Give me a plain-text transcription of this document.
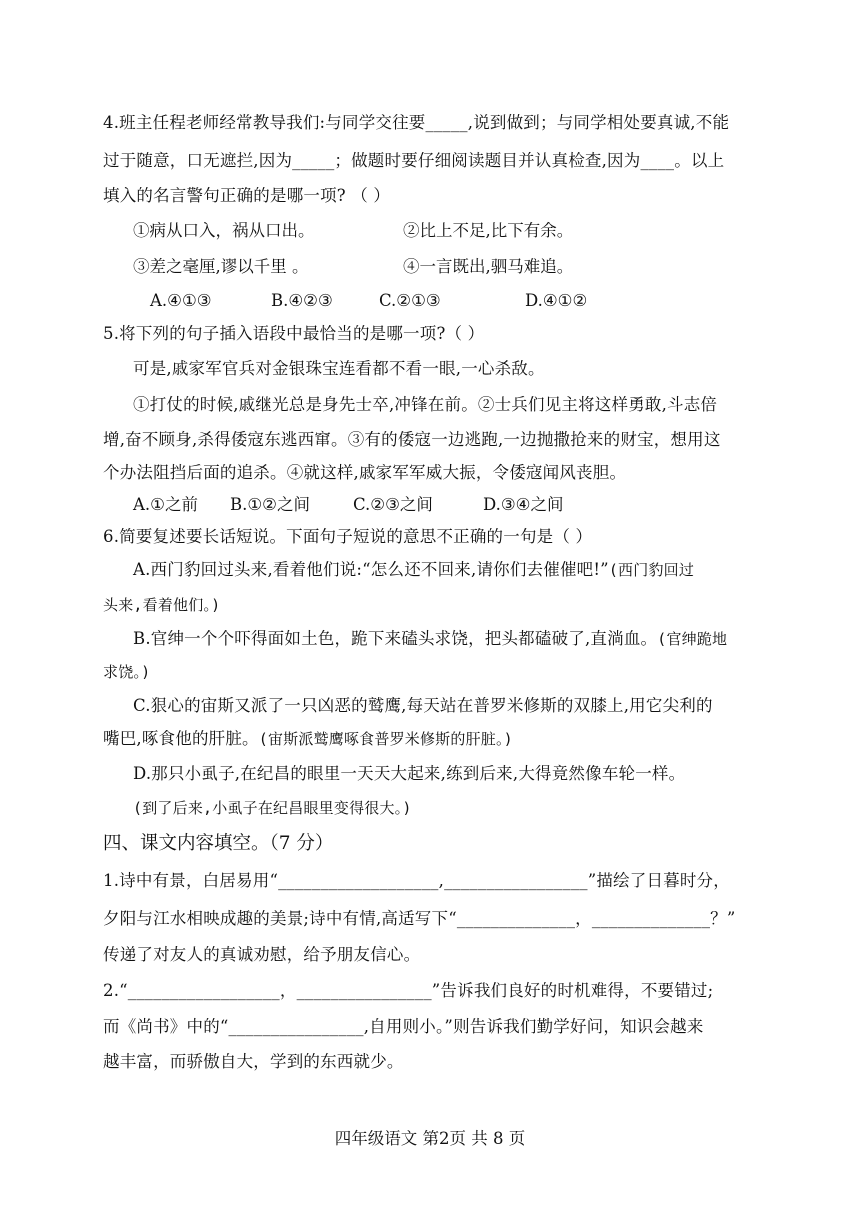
4.班主任程老师经常教导我们:与同学交往要_____,说到做到；与同学相处要真诚,不能
过于随意，口无遮拦,因为_____；做题时要仔细阅读题目并认真检查,因为____。以上
填入的名言警句正确的是哪一项? （ ）
①病从口入，祸从口出。	②比上不足,比下有余。
③差之毫厘,谬以千里 。	④一言既出,驷马难追。
A.④①③	B.④②③	C.②①③	D.④①②
5.将下列的句子插入语段中最恰当的是哪一项?（ ）
可是,戚家军官兵对金银珠宝连看都不看一眼,一心杀敌。
①打仗的时候,戚继光总是身先士卒,冲锋在前。②士兵们见主将这样勇敢,斗志倍
增,奋不顾身,杀得倭寇东逃西窜。③有的倭寇一边逃跑,一边抛撒抢来的财宝，想用这
个办法阻挡后面的追杀。④就这样,戚家军军威大振，令倭寇闻风丧胆。
A.①之前 B.①②之间	C.②③之间	D.③④之间
6.简要复述要长话短说。下面句子短说的意思不正确的一句是（ ）
A.西门豹回过头来,看着他们说:“怎么还不回来,请你们去催催吧!”(西门豹回过
头来,看着他们。)
B.官绅一个个吓得面如土色，跪下来磕头求饶，把头都磕破了,直淌血。(官绅跪地
求饶。)
C.狠心的宙斯又派了一只凶恶的鹫鹰,每天站在普罗米修斯的双膝上,用它尖利的
嘴巴,啄食他的肝脏。(宙斯派鹫鹰啄食普罗米修斯的肝脏。)
D.那只小虱子,在纪昌的眼里一天天大起来,练到后来,大得竟然像车轮一样。
(到了后来,小虱子在纪昌眼里变得很大。)
四、课文内容填空。（7 分）
1.诗中有景，白居易用“___________________,_________________”描绘了日暮时分，
夕阳与江水相映成趣的美景;诗中有情,高适写下“______________，______________？”
传递了对友人的真诚劝慰，给予朋友信心。
2.“__________________，________________”告诉我们良好的时机难得，不要错过;
而《尚书》中的“________________,自用则小。”则告诉我们勤学好问，知识会越来
越丰富，而骄傲自大，学到的东西就少。
四年级语文 第2页 共 8 页
